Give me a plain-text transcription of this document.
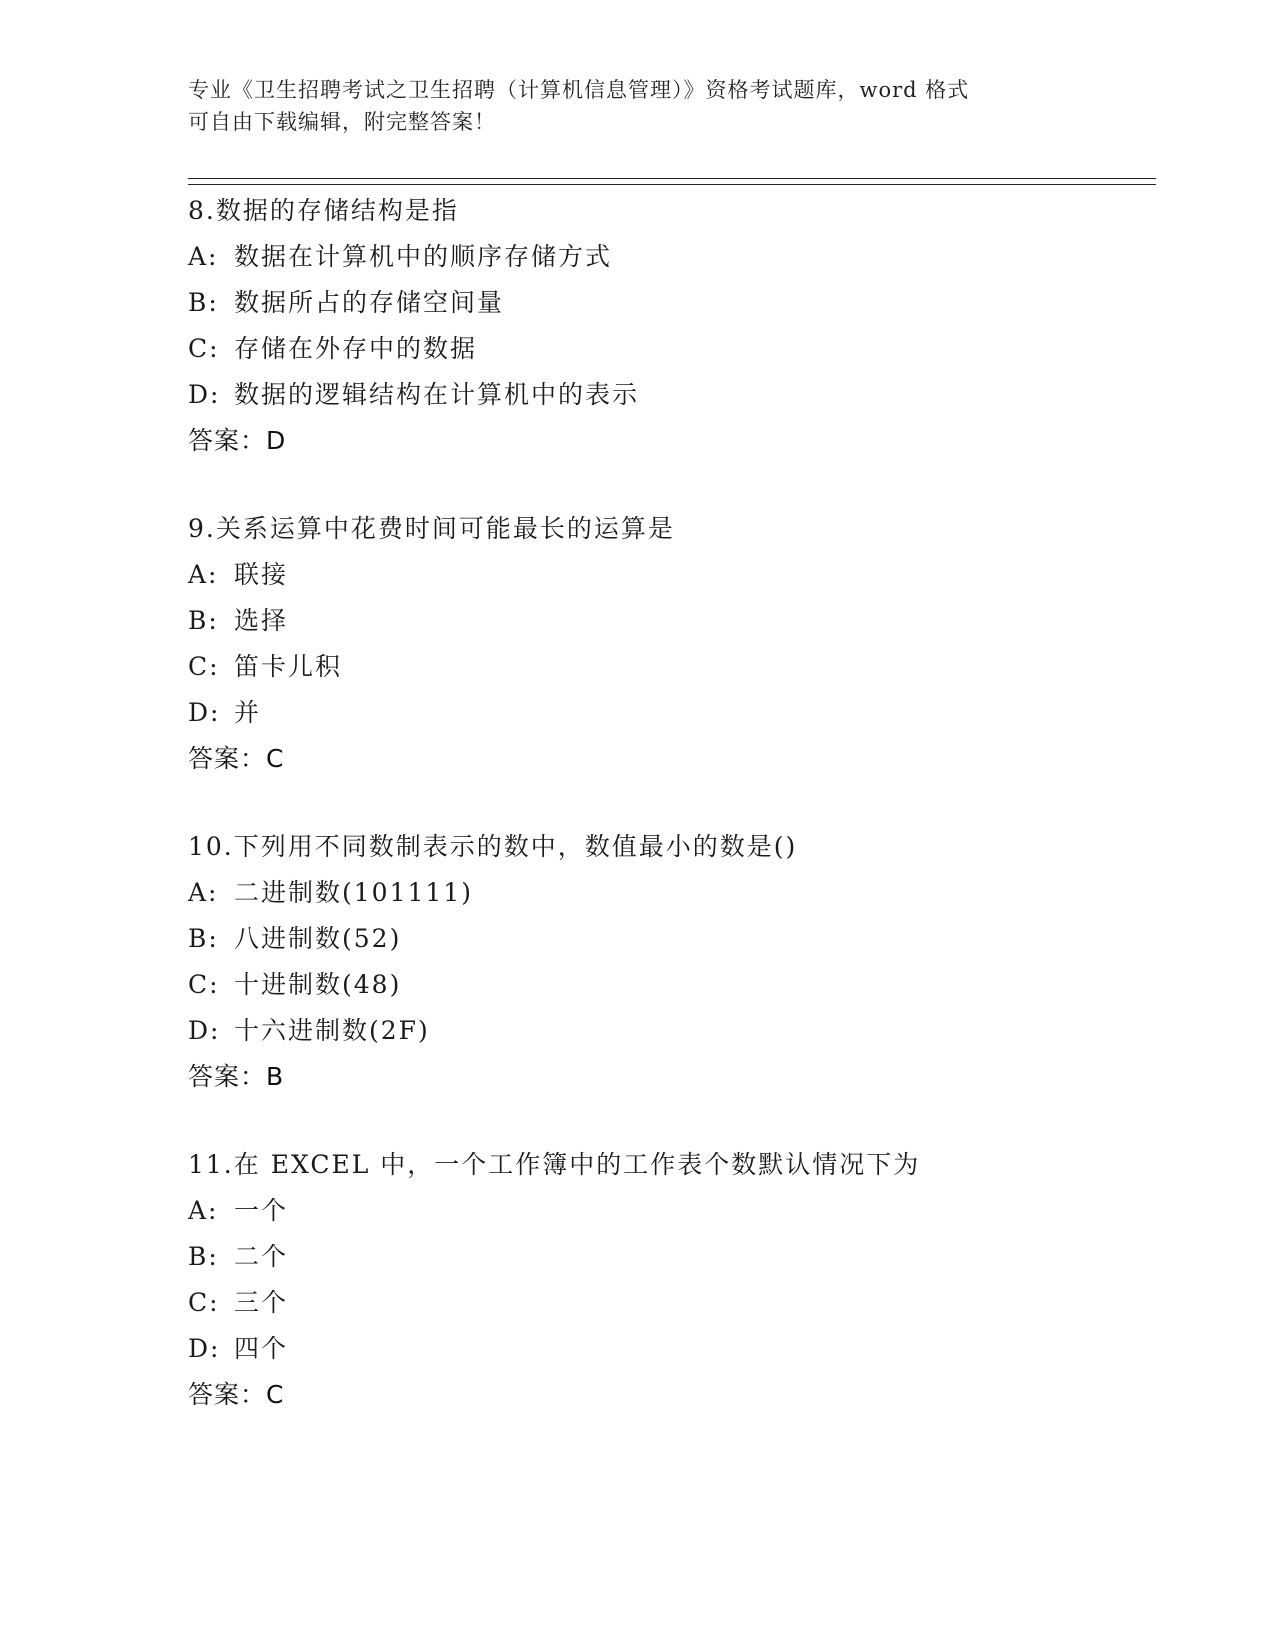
专业《卫生招聘考试之卫生招聘（计算机信息管理）》资格考试题库，word 格式
可自由下载编辑，附完整答案！
8.数据的存储结构是指
A: 数据在计算机中的顺序存储方式
B: 数据所占的存储空间量
C: 存储在外存中的数据
D: 数据的逻辑结构在计算机中的表示
答案：D
9.关系运算中花费时间可能最长的运算是
A: 联接
B: 选择
C: 笛卡儿积
D: 并
答案：C
10.下列用不同数制表示的数中，数值最小的数是()
A: 二进制数(101111)
B: 八进制数(52)
C: 十进制数(48)
D: 十六进制数(2F)
答案：B
11.在 EXCEL 中，一个工作簿中的工作表个数默认情况下为
A: 一个
B: 二个
C: 三个
D: 四个
答案：C
